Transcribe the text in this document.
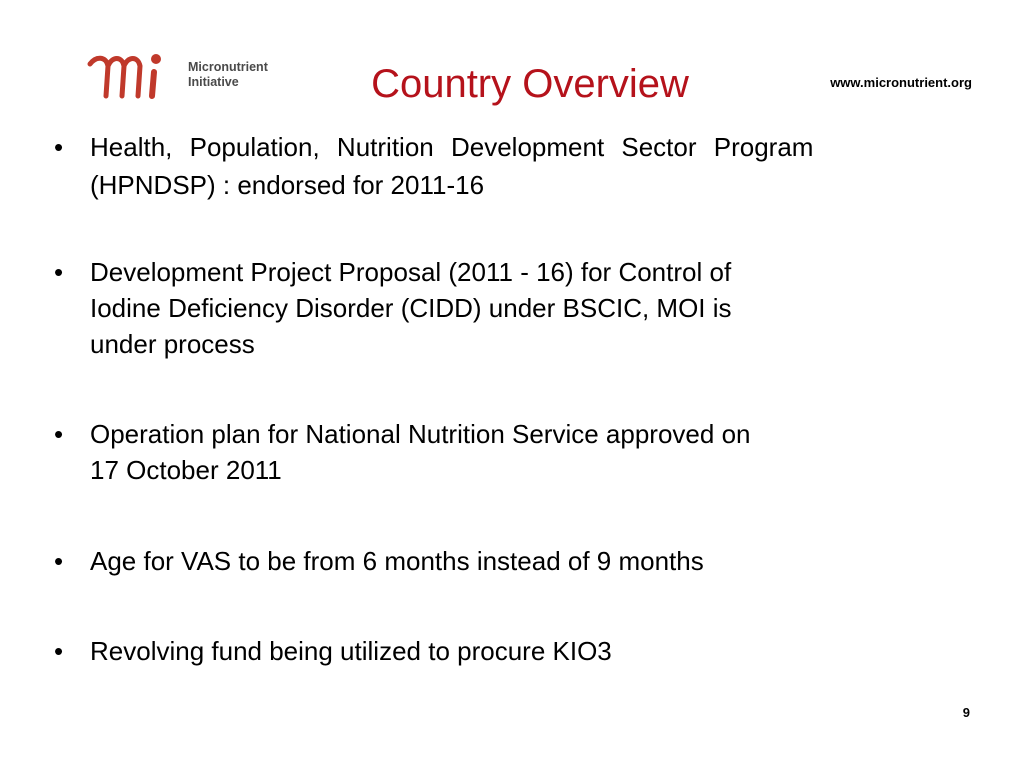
Micronutrient
Initiative	Country Overview	www.micronutrient.org
• Health, Population, Nutrition Development Sector Program
(HPNDSP) : endorsed for 2011-16
• Development Project Proposal (2011 - 16) for Control of
Iodine Deficiency Disorder (CIDD) under BSCIC, MOI is
under process
• Operation plan for National Nutrition Service approved on
17 October 2011
• Age for VAS to be from 6 months instead of 9 months
• Revolving fund being utilized to procure KIO3
9
